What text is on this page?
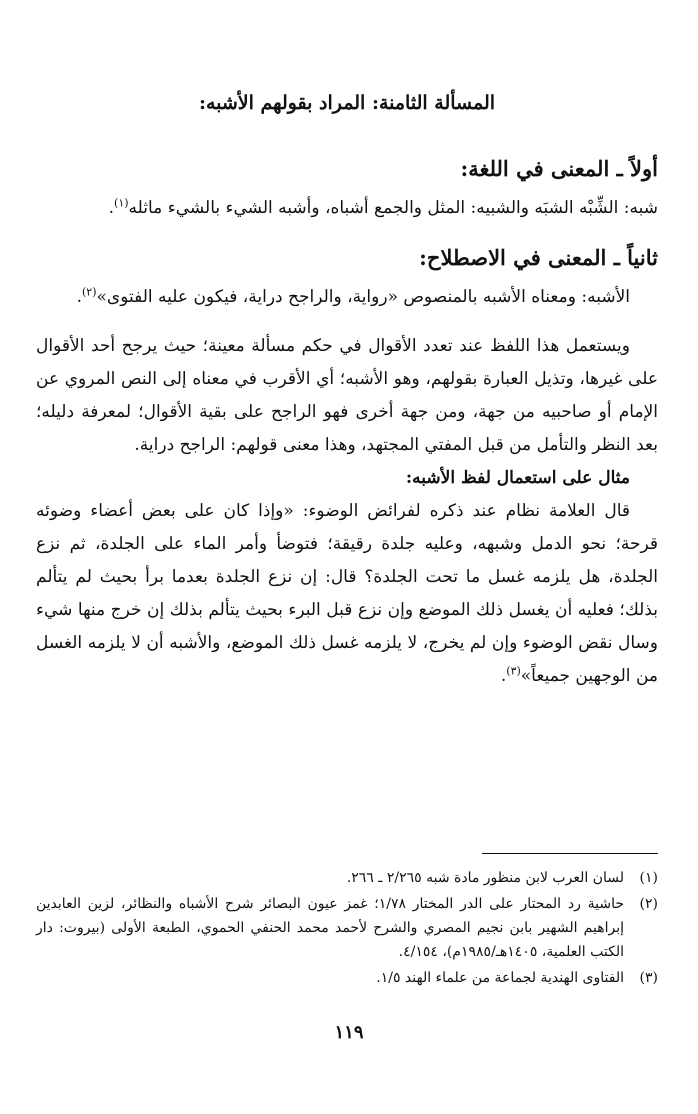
المسألة الثامنة: المراد بقولهم الأشبه:
أولاً ـ المعنى في اللغة:

شبه: الشِّبْه الشبَه والشبيه: المثل والجمع أشباه، وأشبه الشيء بالشيء ماثله$^{(١)}$.

ثانياً ـ المعنى في الاصطلاح:

الأشبه: ومعناه الأشبه بالمنصوص «رواية، والراجح دراية، فيكون عليه الفتوى»$^{(٢)}$.

ويستعمل هذا اللفظ عند تعدد الأقوال في حكم مسألة معينة؛ حيث يرجح أحد الأقوال على غيرها، وتذيل العبارة بقولهم، وهو الأشبه؛ أي الأقرب في معناه إلى النص المروي عن الإمام أو صاحبيه من جهة، ومن جهة أخرى فهو الراجح على بقية الأقوال؛ لمعرفة دليله؛ بعد النظر والتأمل من قبل المفتي المجتهد، وهذا معنى قولهم: الراجح دراية.

مثال على استعمال لفظ الأشبه:

قال العلامة نظام عند ذكره لفرائض الوضوء: «وإذا كان على بعض أعضاء وضوئه قرحة؛ نحو الدمل وشبهه، وعليه جلدة رقيقة؛ فتوضأ وأمر الماء على الجلدة، ثم نزع الجلدة، هل يلزمه غسل ما تحت الجلدة؟ قال: إن نزع الجلدة بعدما برأ بحيث لم يتألم بذلك؛ فعليه أن يغسل ذلك الموضع وإن نزع قبل البرء بحيث يتألم بذلك إن خرج منها شيء وسال نقض الوضوء وإن لم يخرج، لا يلزمه غسل ذلك الموضع، والأشبه أن لا يلزمه الغسل من الوجهين جميعاً»$^{(٣)}$.

(١)
لسان العرب لابن منظور مادة شبه ٢/٢٦٥ ـ ٢٦٦.
(٢)
حاشية رد المحتار على الدر المختار ١/٧٨؛ غمز عيون البصائر شرح الأشباه والنظائر، لزين العابدين إبراهيم الشهير بابن نجيم المصري والشرح لأحمد محمد الحنفي الحموي، الطبعة الأولى (بيروت: دار الكتب العلمية، ١٤٠٥هـ/١٩٨٥م)، ٤/١٥٤.
(٣)
الفتاوى الهندية لجماعة من علماء الهند ١/٥.
١١٩
